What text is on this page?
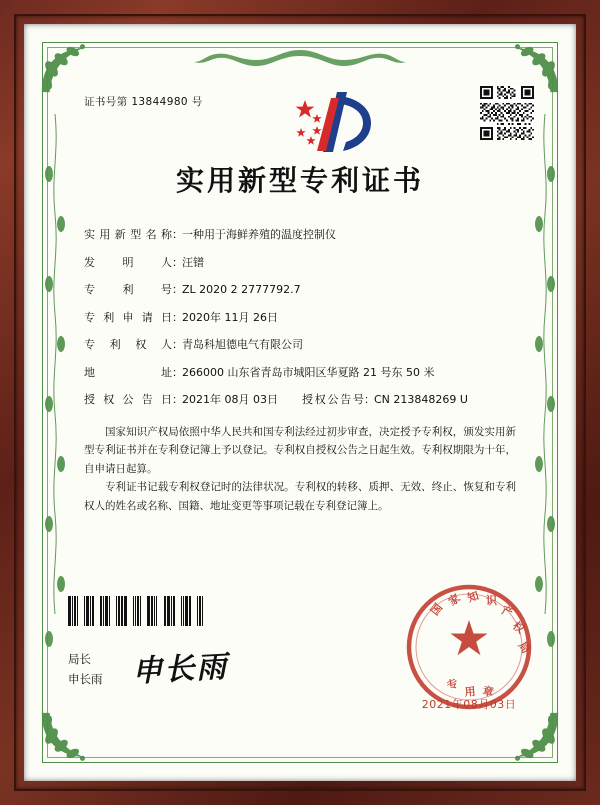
证书号第 13844980 号
实用新型专利证书
实用新型名称 ： 一种用于海鲜养殖的温度控制仪
发 明 人 ： 汪镨
专 利 号 ： ZL 2020 2 2777792.7
专利申请日 ： 2020年 11月 26日
专 利 权 人 ： 青岛科旭德电气有限公司
地 址 ： 266000 山东省青岛市城阳区华夏路 21 号东 50 米
授权公告日 ： 2021年 08月 03日 授权公告号 ： CN 213848269 U

国家知识产权局依照中华人民共和国专利法经过初步审查，决定授予专利权，颁发实用新型专利证书并在专利登记簿上予以登记。专利权自授权公告之日起生效。专利权期限为十年，自申请日起算。

专利证书记载专利权登记时的法律状况。专利权的转移、质押、无效、终止、恢复和专利权人的姓名或名称、国籍、地址变更等事项记载在专利登记簿上。

局长
申长雨 申长雨
国
家 知 识
产
权
局
专 用 章
2021年08月03日
